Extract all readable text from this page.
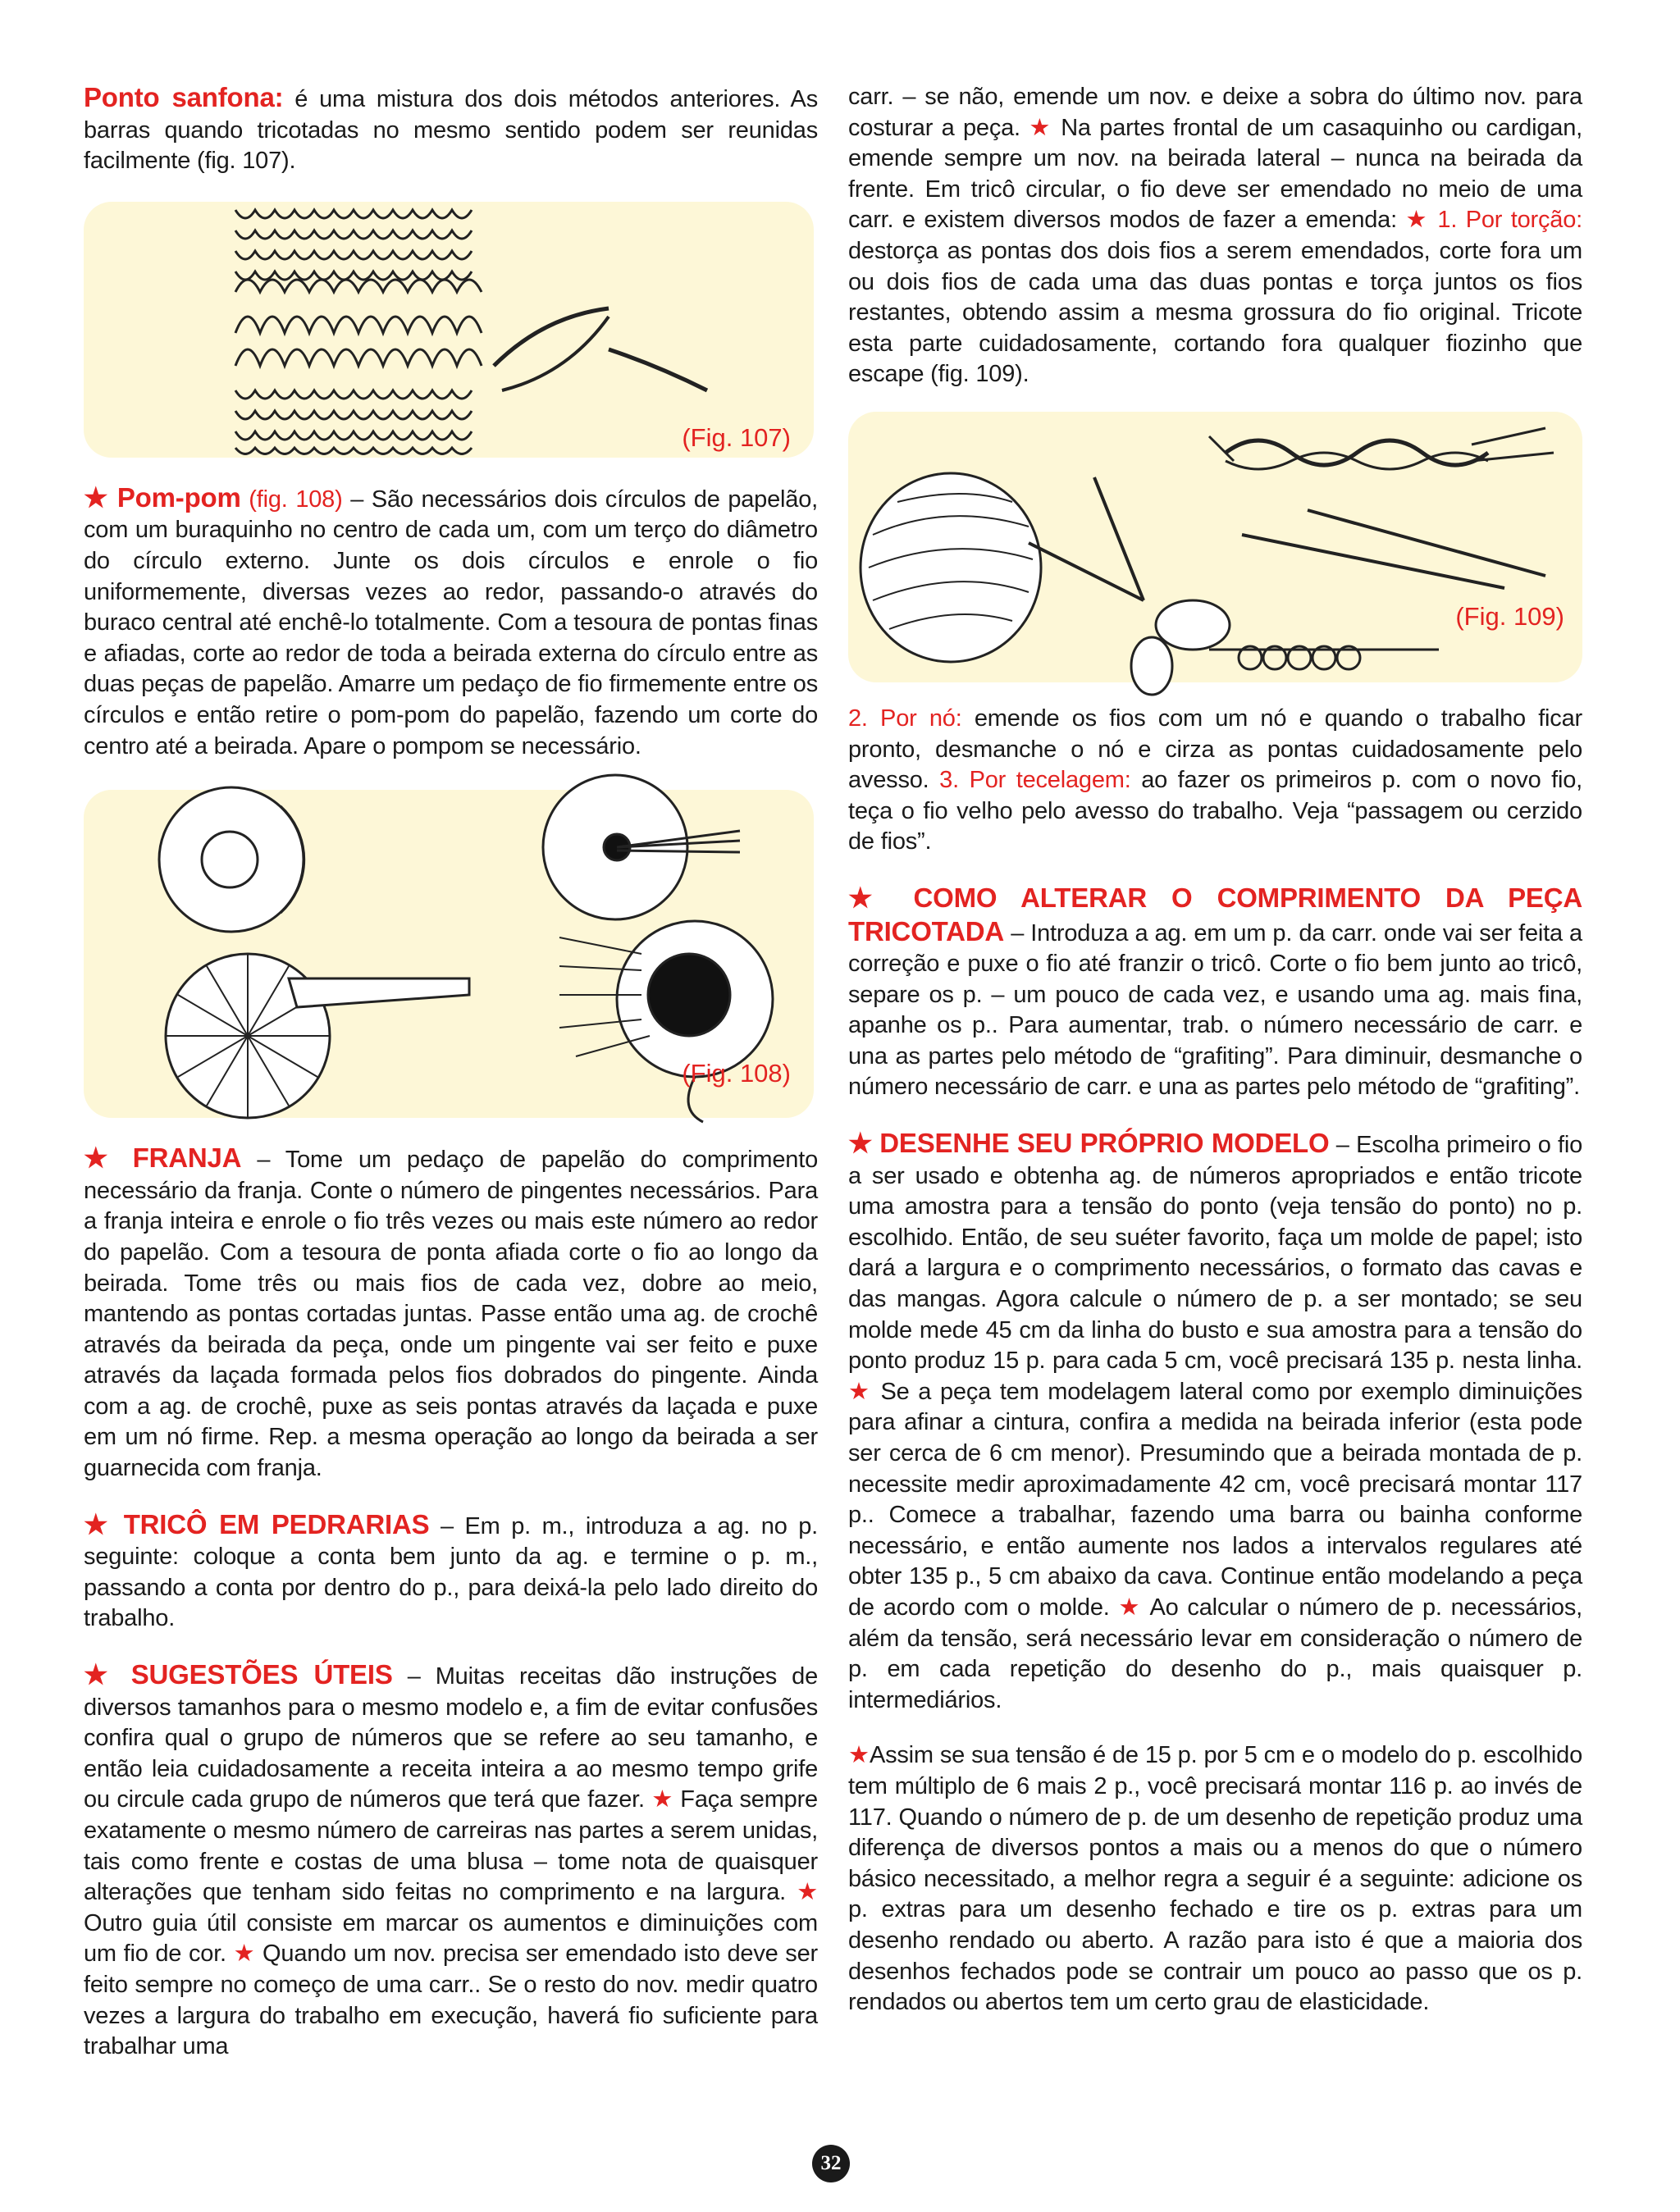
Ponto sanfona: é uma mistura dos dois métodos anteriores. As barras quando tricotadas no mesmo sentido podem ser reunidas facilmente (fig. 107).

(Fig. 107)

★ Pom-pom (fig. 108) – São necessários dois círculos de papelão, com um buraquinho no centro de cada um, com um terço do diâmetro do círculo externo. Junte os dois círculos e enrole o fio uniformemente, diversas vezes ao redor, passando-o através do buraco central até enchê-lo totalmente. Com a tesoura de pontas finas e afiadas, corte ao redor de toda a beirada externa do círculo entre as duas peças de papelão. Amarre um pedaço de fio firmemente entre os círculos e então retire o pom-pom do papelão, fazendo um corte do centro até a beirada. Apare o pompom se necessário.

(Fig. 108)

★ FRANJA – Tome um pedaço de papelão do comprimento necessário da franja. Conte o número de pingentes necessários. Para a franja inteira e enrole o fio três vezes ou mais este número ao redor do papelão. Com a tesoura de ponta afiada corte o fio ao longo da beirada. Tome três ou mais fios de cada vez, dobre ao meio, mantendo as pontas cortadas juntas. Passe então uma ag. de crochê através da beirada da peça, onde um pingente vai ser feito e puxe através da laçada formada pelos fios dobrados do pingente. Ainda com a ag. de crochê, puxe as seis pontas através da laçada e puxe em um nó firme. Rep. a mesma operação ao longo da beirada a ser guarnecida com franja.

★ TRICÔ EM PEDRARIAS – Em p. m., introduza a ag. no p. seguinte: coloque a conta bem junto da ag. e termine o p. m., passando a conta por dentro do p., para deixá-la pelo lado direito do trabalho.

★ SUGESTÕES ÚTEIS – Muitas receitas dão instruções de diversos tamanhos para o mesmo modelo e, a fim de evitar confusões confira qual o grupo de números que se refere ao seu tamanho, e então leia cuidadosamente a receita inteira a ao mesmo tempo grife ou circule cada grupo de números que terá que fazer. ★ Faça sempre exatamente o mesmo número de carreiras nas partes a serem unidas, tais como frente e costas de uma blusa – tome nota de quaisquer alterações que tenham sido feitas no comprimento e na largura. ★ Outro guia útil consiste em marcar os aumentos e diminuições com um fio de cor. ★ Quando um nov. precisa ser emendado isto deve ser feito sempre no começo de uma carr.. Se o resto do nov. medir quatro vezes a largura do trabalho em execução, haverá fio suficiente para trabalhar uma

carr. – se não, emende um nov. e deixe a sobra do último nov. para costurar a peça. ★ Na partes frontal de um casaquinho ou cardigan, emende sempre um nov. na beirada lateral – nunca na beirada da frente. Em tricô circular, o fio deve ser emendado no meio de uma carr. e existem diversos modos de fazer a emenda: ★ 1. Por torção: destorça as pontas dos dois fios a serem emendados, corte fora um ou dois fios de cada uma das duas pontas e torça juntos os fios restantes, obtendo assim a mesma grossura do fio original. Tricote esta parte cuidadosamente, cortando fora qualquer fiozinho que escape (fig. 109).

(Fig. 109)

2. Por nó: emende os fios com um nó e quando o trabalho ficar pronto, desmanche o nó e cirza as pontas cuidadosamente pelo avesso. 3. Por tecelagem: ao fazer os primeiros p. com o novo fio, teça o fio velho pelo avesso do trabalho. Veja “passagem ou cerzido de fios”.

★ COMO ALTERAR O COMPRIMENTO DA PEÇA TRICOTADA – Introduza a ag. em um p. da carr. onde vai ser feita a correção e puxe o fio até franzir o tricô. Corte o fio bem junto ao tricô, separe os p. – um pouco de cada vez, e usando uma ag. mais fina, apanhe os p.. Para aumentar, trab. o número necessário de carr. e una as partes pelo método de “grafiting”. Para diminuir, desmanche o número necessário de carr. e una as partes pelo método de “grafiting”.

★ DESENHE SEU PRÓPRIO MODELO – Escolha primeiro o fio a ser usado e obtenha ag. de números apropriados e então tricote uma amostra para a tensão do ponto (veja tensão do ponto) no p. escolhido. Então, de seu suéter favorito, faça um molde de papel; isto dará a largura e o comprimento necessários, o formato das cavas e das mangas. Agora calcule o número de p. a ser montado; se seu molde mede 45 cm da linha do busto e sua amostra para a tensão do ponto produz 15 p. para cada 5 cm, você precisará 135 p. nesta linha. ★ Se a peça tem modelagem lateral como por exemplo diminuições para afinar a cintura, confira a medida na beirada inferior (esta pode ser cerca de 6 cm menor). Presumindo que a beirada montada de p. necessite medir aproximadamente 42 cm, você precisará montar 117 p.. Comece a trabalhar, fazendo uma barra ou bainha conforme necessário, e então aumente nos lados a intervalos regulares até obter 135 p., 5 cm abaixo da cava. Continue então modelando a peça de acordo com o molde. ★ Ao calcular o número de p. necessários, além da tensão, será necessário levar em consideração o número de p. em cada repetição do desenho do p., mais quaisquer p. intermediários.

★Assim se sua tensão é de 15 p. por 5 cm e o modelo do p. escolhido tem múltiplo de 6 mais 2 p., você precisará montar 116 p. ao invés de 117. Quando o número de p. de um desenho de repetição produz uma diferença de diversos pontos a mais ou a menos do que o número básico necessitado, a melhor regra a seguir é a seguinte: adicione os p. extras para um desenho fechado e tire os p. extras para um desenho rendado ou aberto. A razão para isto é que a maioria dos desenhos fechados pode se contrair um pouco ao passo que os p. rendados ou abertos tem um certo grau de elasticidade.

32
